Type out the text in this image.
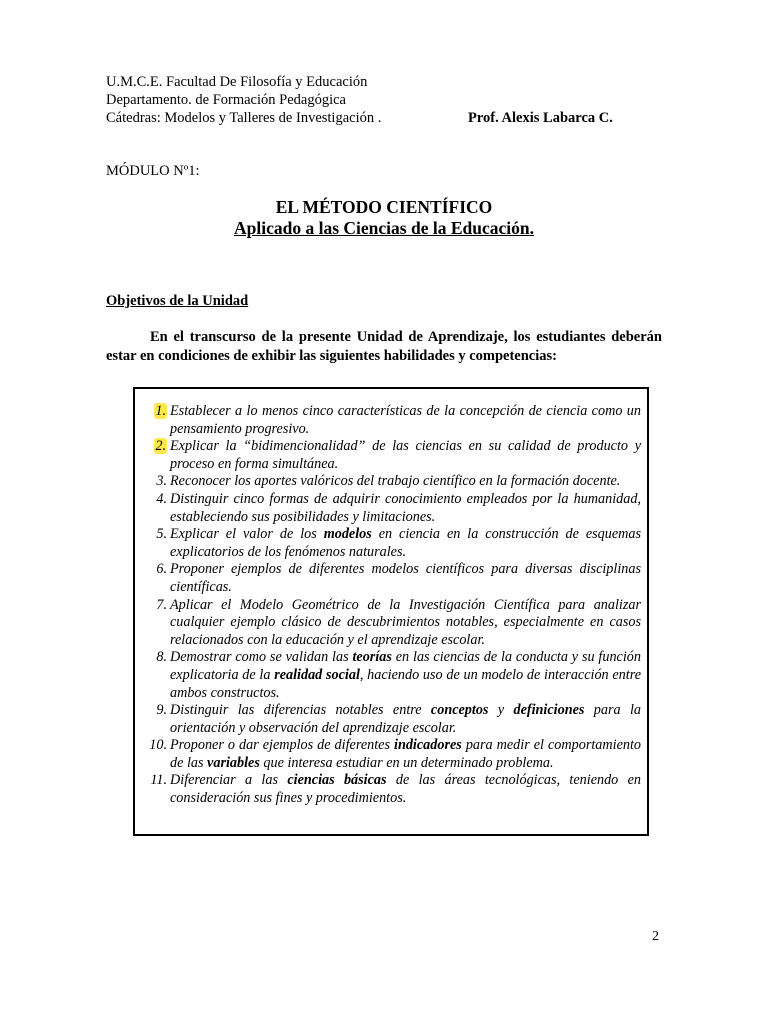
U.M.C.E. Facultad De Filosofía y Educación
Departamento. de Formación Pedagógica
Cátedras: Modelos y Talleres de Investigación .	Prof. Alexis Labarca C.
MÓDULO Nº1:
EL MÉTODO CIENTÍFICO
Aplicado a las Ciencias de la Educación.
Objetivos de la Unidad
En el transcurso de la presente Unidad de Aprendizaje, los estudiantes deberán estar en condiciones de exhibir las siguientes habilidades y competencias:
1. Establecer a lo menos cinco características de la concepción de ciencia como un pensamiento progresivo.
2. Explicar la “bidimencionalidad” de las ciencias en su calidad de producto y proceso en forma simultánea.
3. Reconocer los aportes valóricos del trabajo científico en la formación docente.
4. Distinguir cinco formas de adquirir conocimiento empleados por la humanidad, estableciendo sus posibilidades y limitaciones.
5. Explicar el valor de los modelos en ciencia en la construcción de esquemas explicatorios de los fenómenos naturales.
6. Proponer ejemplos de diferentes modelos científicos para diversas disciplinas científicas.
7. Aplicar el Modelo Geométrico de la Investigación Científica para analizar cualquier ejemplo clásico de descubrimientos notables, especialmente en casos relacionados con la educación y el aprendizaje escolar.
8. Demostrar como se validan las teorías en las ciencias de la conducta y su función explicatoria de la realidad social, haciendo uso de un modelo de interacción entre ambos constructos.
9. Distinguir las diferencias notables entre conceptos y definiciones para la orientación y observación del aprendizaje escolar.
10. Proponer o dar ejemplos de diferentes indicadores para medir el comportamiento de las variables que interesa estudiar en un determinado problema.
11. Diferenciar a las ciencias básicas de las áreas tecnológicas, teniendo en consideración sus fines y procedimientos.
2
